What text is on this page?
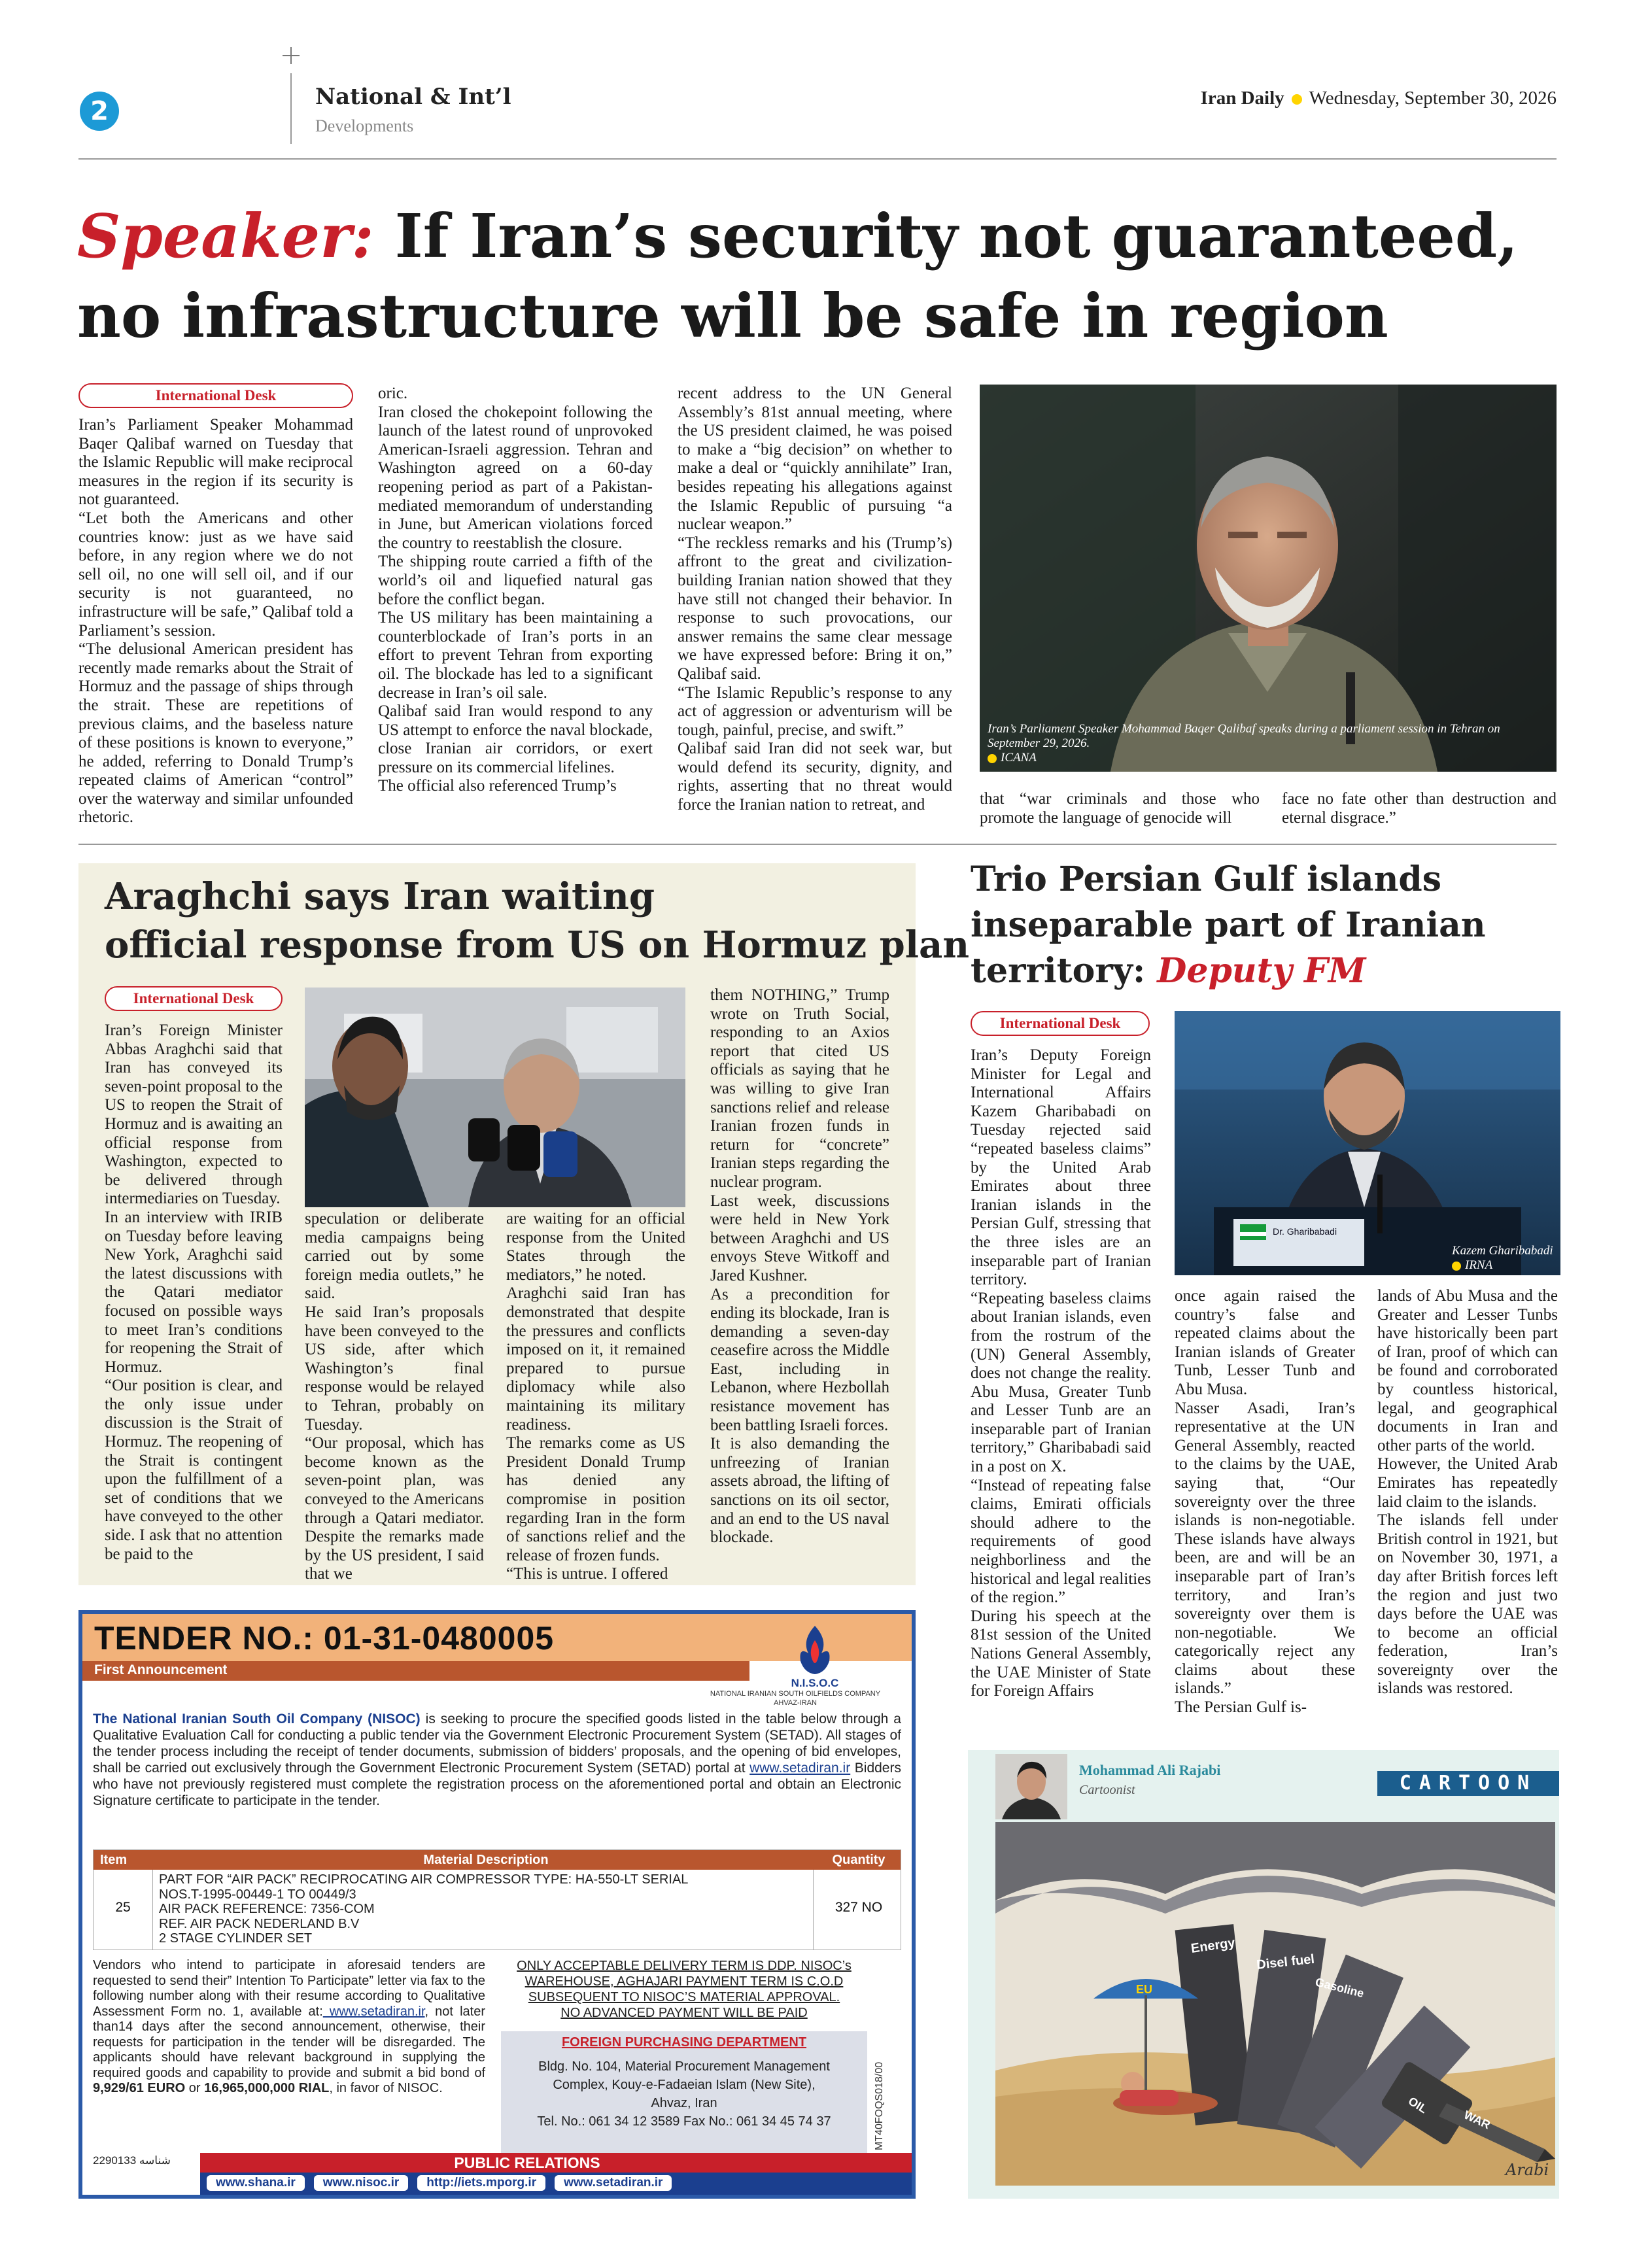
2	National & Int’l
Developments
Iran Daily Wednesday, September 30, 2026
Speaker: If Iran’s security not guaranteed,
no infrastructure will be safe in region
International Desk

Iran’s Parliament Speaker Mohammad Baqer Qalibaf warned on Tuesday that the Islamic Republic will make reciprocal measures in the region if its security is not guaranteed.

“Let both the Americans and other countries know: just as we have said before, in any region where we do not sell oil, no one will sell oil, and if our security is not guaranteed, no infrastructure will be safe,” Qalibaf told a Parliament’s session.

“The delusional American president has recently made remarks about the Strait of Hormuz and the passage of ships through the strait. These are repetitions of previous claims, and the baseless nature of these positions is known to everyone,” he added, referring to Donald Trump’s repeated claims of American “control” over the waterway and similar unfounded rhetoric.

oric.

Iran closed the chokepoint following the launch of the latest round of unprovoked American-Israeli aggression. Tehran and Washington agreed on a 60-day reopening period as part of a Pakistan-mediated memorandum of understanding in June, but American violations forced the country to reestablish the closure.

The shipping route carried a fifth of the world’s oil and liquefied natural gas before the conflict began.

The US military has been maintaining a counterblockade of Iran’s ports in an effort to prevent Tehran from exporting oil. The blockade has led to a significant decrease in Iran’s oil sale.

Qalibaf said Iran would respond to any US attempt to enforce the naval blockade, close Iranian air corridors, or exert pressure on its commercial lifelines.

The official also referenced Trump’s

recent address to the UN General Assembly’s 81st annual meeting, where the US president claimed, he was poised to make a “big decision” on whether to make a deal or “quickly annihilate” Iran, besides repeating his allegations against the Islamic Republic of pursuing “a nuclear weapon.”

“The reckless remarks and his (Trump’s) affront to the great and civilization-building Iranian nation showed that they have still not changed their behavior. In response to such provocations, our answer remains the same clear message we have expressed before: Bring it on,” Qalibaf said.

“The Islamic Republic’s response to any act of aggression or adventurism will be tough, painful, precise, and swift.”

Qalibaf said Iran did not seek war, but would defend its security, dignity, and rights, asserting that no threat would force the Iranian nation to retreat, and

Iran’s Parliament Speaker Mohammad Baqer Qalibaf speaks during a parliament session in Tehran on September 29, 2026.
ICANA

that “war criminals and those who promote the language of genocide will

face no fate other than destruction and eternal disgrace.”

Araghchi says Iran waiting
official response from US on Hormuz plan
International Desk

Iran’s Foreign Minister Abbas Araghchi said that Iran has conveyed its seven-point proposal to the US to reopen the Strait of Hormuz and is awaiting an official response from Washington, expected to be delivered through intermediaries on Tuesday.

In an interview with IRIB on Tuesday before leaving New York, Araghchi said the latest discussions with the Qatari mediator focused on possible ways to meet Iran’s conditions for reopening the Strait of Hormuz.

“Our position is clear, and the only issue under discussion is the Strait of Hormuz. The reopening of the Strait is contingent upon the fulfillment of a set of conditions that we have conveyed to the other side. I ask that no attention be paid to the

speculation or deliberate media campaigns being carried out by some foreign media outlets,” he said.

He said Iran’s proposals have been conveyed to the US side, after which Washington’s final response would be relayed to Tehran, probably on Tuesday.

“Our proposal, which has become known as the seven-point plan, was conveyed to the Americans through a Qatari mediator. Despite the remarks made by the US president, I said that we

are waiting for an official response from the United States through the mediators,” he noted.

Araghchi said Iran has demonstrated that despite the pressures and conflicts imposed on it, it remained prepared to pursue diplomacy while also maintaining its military readiness.

The remarks come as US President Donald Trump has denied any compromise in position regarding Iran in the form of sanctions relief and the release of frozen funds.

“This is untrue. I offered

them NOTHING,” Trump wrote on Truth Social, responding to an Axios report that cited US officials as saying that he was willing to give Iran sanctions relief and release Iranian frozen funds in return for “concrete” Iranian steps regarding the nuclear program.

Last week, discussions were held in New York between Araghchi and US envoys Steve Witkoff and Jared Kushner.

As a precondition for ending its blockade, Iran is demanding a seven-day ceasefire across the Middle East, including in Lebanon, where Hezbollah resistance movement has been battling Israeli forces.

It is also demanding the unfreezing of Iranian assets abroad, the lifting of sanctions on its oil sector, and an end to the US naval blockade.

Trio Persian Gulf islands
inseparable part of Iranian
territory: Deputy FM
International Desk

Iran’s Deputy Foreign Minister for Legal and International Affairs Kazem Gharibabadi on Tuesday rejected said “repeated baseless claims” by the United Arab Emirates about three Iranian islands in the Persian Gulf, stressing that the three isles are an inseparable part of Iranian territory.

“Repeating baseless claims about Iranian islands, even from the rostrum of the (UN) General Assembly, does not change the reality. Abu Musa, Greater Tunb and Lesser Tunb are an inseparable part of Iranian territory,” Gharibabadi said in a post on X.

“Instead of repeating false claims, Emirati officials should adhere to the requirements of good neighborliness and the historical and legal realities of the region.”

During his speech at the 81st session of the United Nations General Assembly, the UAE Minister of State for Foreign Affairs

Dr. Gharibabadi
Kazem Gharibabadi
IRNA

once again raised the country’s false and repeated claims about the Iranian islands of Greater Tunb, Lesser Tunb and Abu Musa.

Nasser Asadi, Iran’s representative at the UN General Assembly, reacted to the claims by the UAE, saying that, “Our sovereignty over the three islands is non-negotiable. These islands have always been, are and will be an inseparable part of Iran’s territory, and Iran’s sovereignty over them is non-negotiable. We categorically reject any claims about these islands.”

The Persian Gulf is-

lands of Abu Musa and the Greater and Lesser Tunbs have historically been part of Iran, proof of which can be found and corroborated by countless historical, legal, and geographical documents in Iran and other parts of the world.

However, the United Arab Emirates has repeatedly laid claim to the islands.

The islands fell under British control in 1921, but on November 30, 1971, a day after British forces left the region and just two days before the UAE was to become an official federation, Iran’s sovereignty over the islands was restored.

Mohammad Ali Rajabi
Cartoonist	CARTOON
Energy
Disel fuel
Gasoline
OIL
WAR
EU
Arabi
TENDER NO.: 01-31-0480005
First Announcement
N.I.S.O.C
NATIONAL IRANIAN SOUTH OILFIELDS COMPANY
AHVAZ-IRAN
The National Iranian South Oil Company (NISOC) is seeking to procure the specified goods listed in the table below through a Qualitative Evaluation Call for conducting a public tender via the Government Electronic Procurement System (SETAD). All stages of the tender process including the receipt of tender documents, submission of bidders’ proposals, and the opening of bid envelopes, shall be carried out exclusively through the Government Electronic Procurement System (SETAD) portal at www.setadiran.ir Bidders who have not previously registered must complete the registration process on the aforementioned portal and obtain an Electronic Signature certificate to participate in the tender.
Item	Material Description	Quantity
25
PART FOR “AIR PACK” RECIPROCATING AIR COMPRESSOR TYPE: HA-550-LT SERIAL
NOS.T-1995-00449-1 TO 00449/3
AIR PACK REFERENCE: 7356-COM
REF. AIR PACK NEDERLAND B.V
2 STAGE CYLINDER SET
327 NO
Vendors who intend to participate in aforesaid tenders are requested to send their” Intention To Participate” letter via fax to the following number along with their resume according to Qualitative Assessment Form no. 1, available at: www.setadiran.ir, not later than14 days after the second announcement, otherwise, their requests for participation in the tender will be disregarded. The applicants should have relevant background in supplying the required goods and capability to provide and submit a bid bond of 9,929/61 EURO or 16,965,000,000 RIAL, in favor of NISOC.
ONLY ACCEPTABLE DELIVERY TERM IS DDP. NISOC’s
WAREHOUSE, AGHAJARI PAYMENT TERM IS C.O.D
SUBSEQUENT TO NISOC’S MATERIAL APPROVAL.
NO ADVANCED PAYMENT WILL BE PAID
FOREIGN PURCHASING DEPARTMENT
Bldg. No. 104, Material Procurement Management
Complex, Kouy-e-Fadaeian Islam (New Site),
Ahvaz, Iran
Tel. No.: 061 34 12 3589 Fax No.: 061 34 45 74 37	MT40FOQS018/00
2290133 شناسه	PUBLIC RELATIONS
www.shana.ir	www.nisoc.ir	http://iets.mporg.ir	www.setadiran.ir
